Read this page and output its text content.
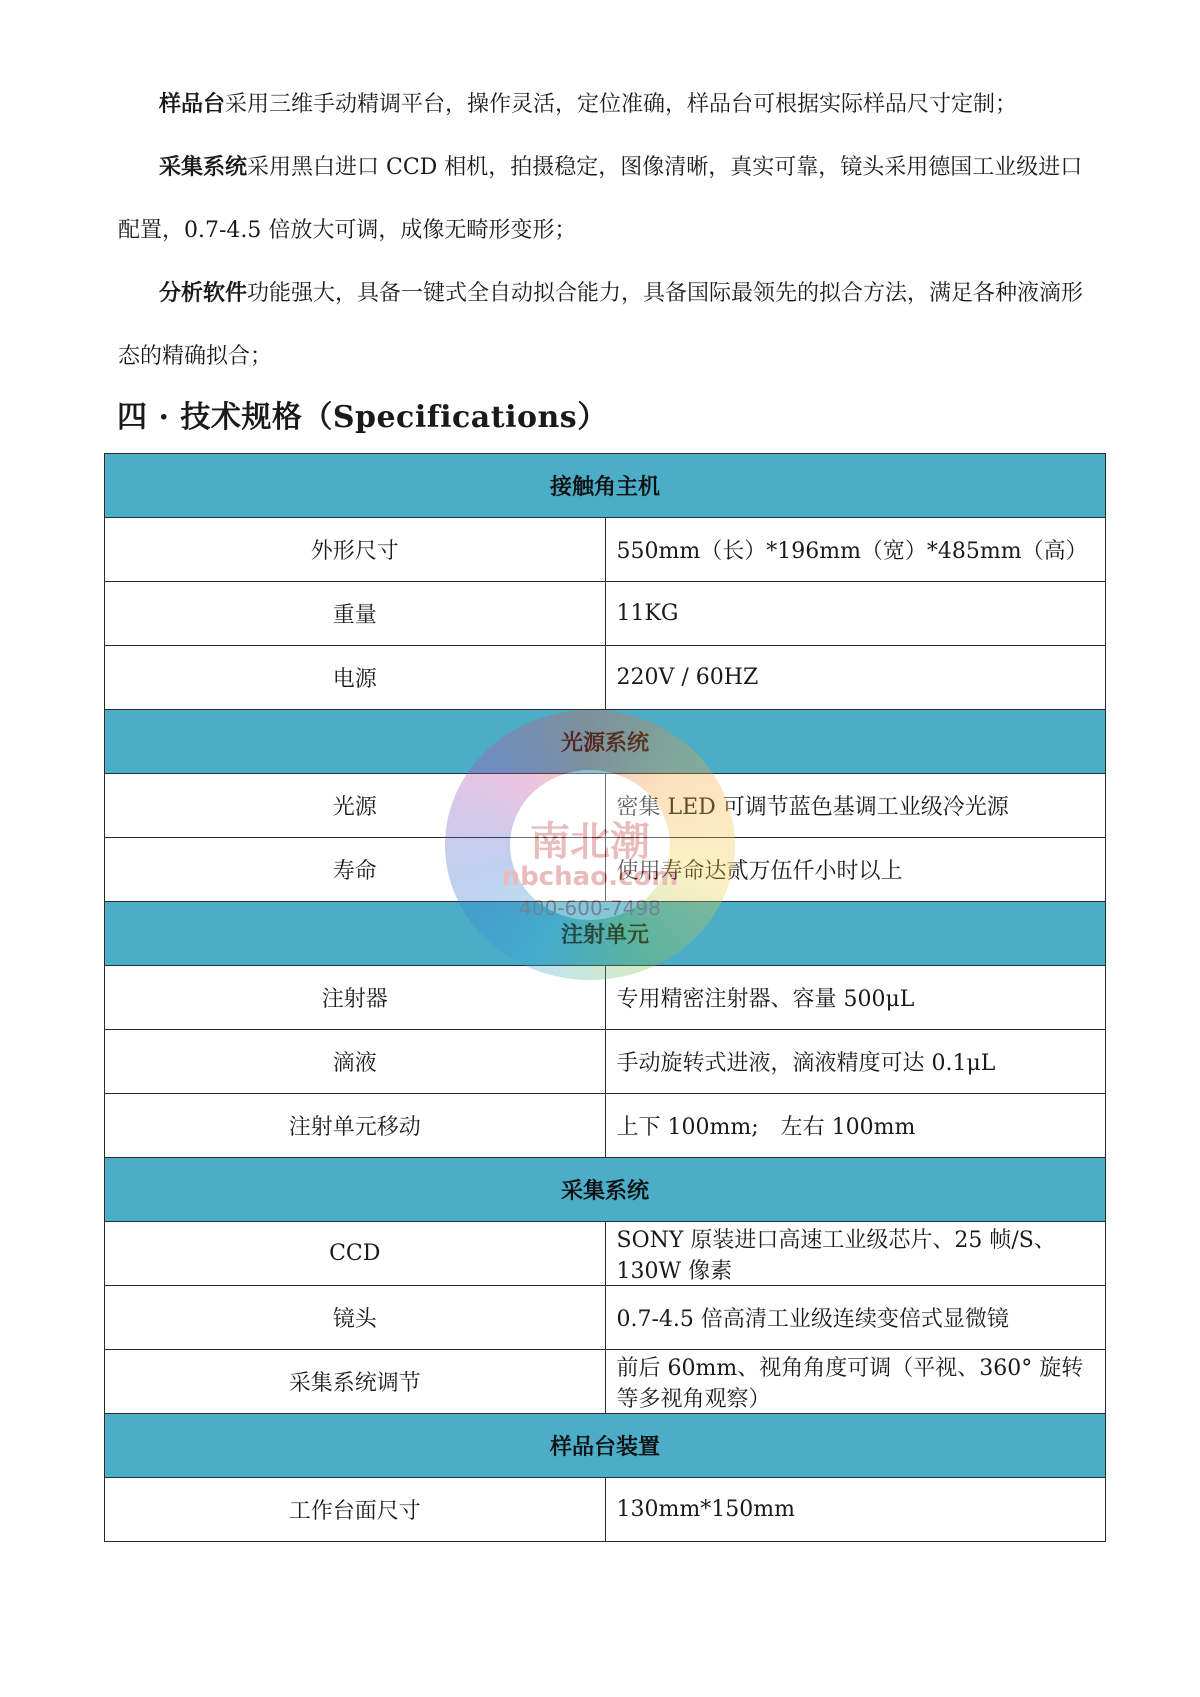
样品台采用三维手动精调平台，操作灵活，定位准确，样品台可根据实际样品尺寸定制；

采集系统采用黑白进口 CCD 相机，拍摄稳定，图像清晰，真实可靠，镜头采用德国工业级进口配置，0.7-4.5 倍放大可调，成像无畸形变形；

分析软件功能强大，具备一键式全自动拟合能力，具备国际最领先的拟合方法，满足各种液滴形态的精确拟合；

四 · 技术规格（Specifications）
接触角主机	
外形尺寸	550mm（长）*196mm（宽）*485mm（高）
重量	11KG
电源	220V / 60HZ
光源系统	
光源	密集 LED 可调节蓝色基调工业级冷光源
寿命	使用寿命达贰万伍仟小时以上
注射单元	
注射器	专用精密注射器、容量 500μL
滴液	手动旋转式进液，滴液精度可达 0.1μL
注射单元移动	上下 100mm;　左右 100mm
采集系统	
CCD	SONY 原装进口高速工业级芯片、25 帧/S、130W 像素
镜头	0.7-4.5 倍高清工业级连续变倍式显微镜
采集系统调节	前后 60mm、视角角度可调（平视、360° 旋转等多视角观察）
样品台装置	
工作台面尺寸	130mm*150mm
南北潮
nbchao.com
400-600-7498
